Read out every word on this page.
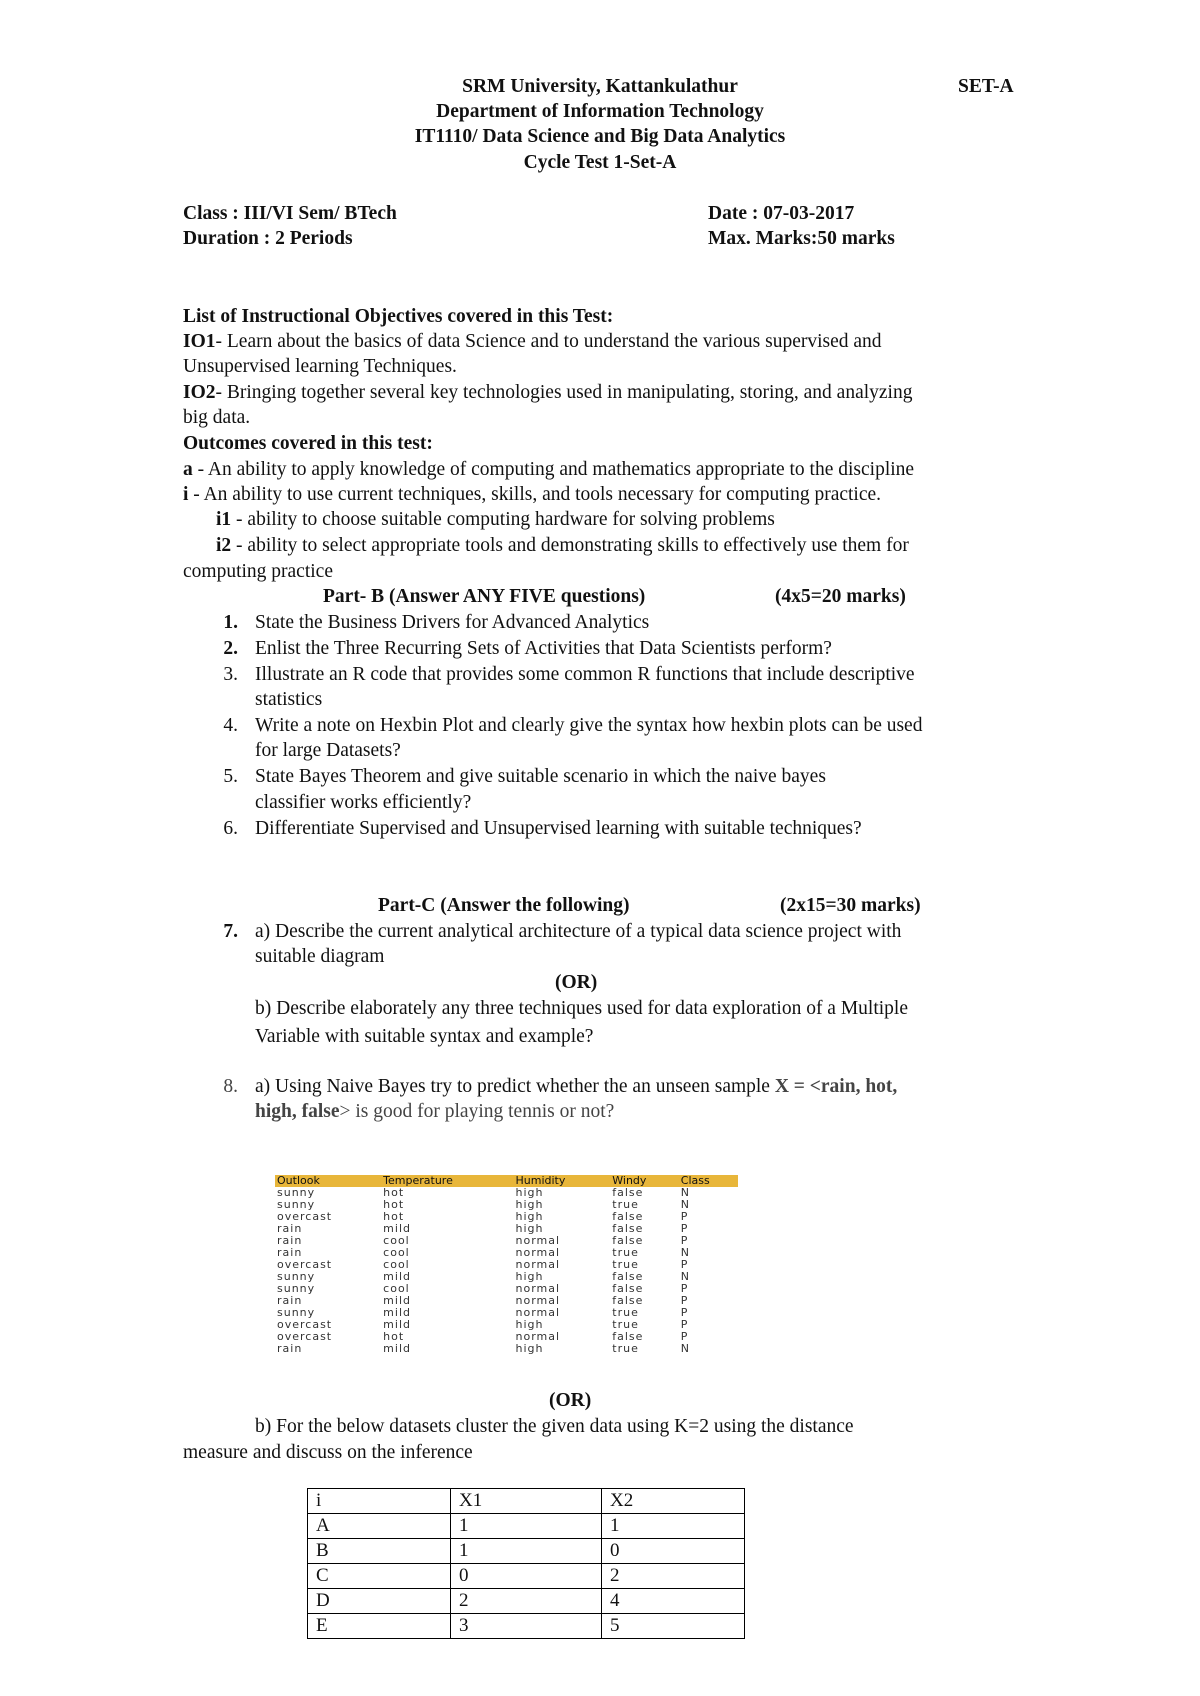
SRM University, Kattankulathur	SET-A
Department of Information Technology
IT1110/ Data Science and Big Data Analytics
Cycle Test 1-Set-A
Class : III/VI Sem/ BTech	Date : 07-03-2017
Duration : 2 Periods	Max. Marks:50 marks
List of Instructional Objectives covered in this Test:
IO1- Learn about the basics of data Science and to understand the various supervised and
Unsupervised learning Techniques.
IO2- Bringing together several key technologies used in manipulating, storing, and analyzing
big data.
Outcomes covered in this test:
a - An ability to apply knowledge of computing and mathematics appropriate to the discipline
i - An ability to use current techniques, skills, and tools necessary for computing practice.
i1 - ability to choose suitable computing hardware for solving problems
i2 - ability to select appropriate tools and demonstrating skills to effectively use them for
computing practice
Part- B (Answer ANY FIVE questions)	(4x5=20 marks)
1. State the Business Drivers for Advanced Analytics
2. Enlist the Three Recurring Sets of Activities that Data Scientists perform?
3. Illustrate an R code that provides some common R functions that include descriptive
statistics
4. Write a note on Hexbin Plot and clearly give the syntax how hexbin plots can be used
for large Datasets?
5. State Bayes Theorem and give suitable scenario in which the naive bayes
classifier works efficiently?
6. Differentiate Supervised and Unsupervised learning with suitable techniques?
Part-C (Answer the following)	(2x15=30 marks)
7. a) Describe the current analytical architecture of a typical data science project with
suitable diagram
(OR)
b) Describe elaborately any three techniques used for data exploration of a Multiple
Variable with suitable syntax and example?
8. a) Using Naive Bayes try to predict whether the an unseen sample X = <rain, hot,
high, false> is good for playing tennis or not?
Outlook	Temperature	Humidity	Windy	Class
sunny	hot	high	false	N
sunny	hot	high	true	N
overcast	hot	high	false	P
rain	mild	high	false	P
rain	cool	normal	false	P
rain	cool	normal	true	N
overcast	cool	normal	true	P
sunny	mild	high	false	N
sunny	cool	normal	false	P
rain	mild	normal	false	P
sunny	mild	normal	true	P
overcast	mild	high	true	P
overcast	hot	normal	false	P
rain	mild	high	true	N
(OR)
b) For the below datasets cluster the given data using K=2 using the distance
measure and discuss on the inference
i	X1	X2
A	1	1
B	1	0
C	0	2
D	2	4
E	3	5
